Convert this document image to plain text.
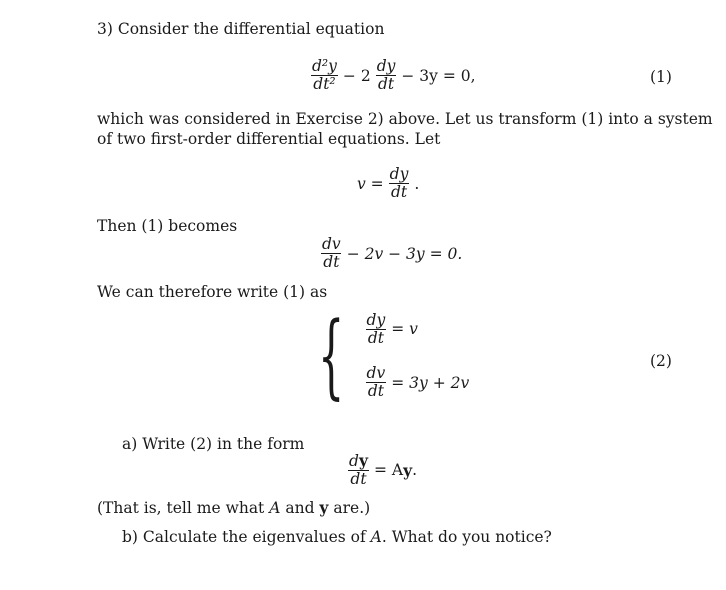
3) Consider the differential equation
$\frac{\text{d²y}}{\text{dt²}} - 2 \frac{dy}{dt} - 3y = 0$,	(1)
which was considered in Exercise 2) above. Let us transform (1) into a system
of two first-order differential equations. Let
$v = \frac{dy}{dt}$ .
Then (1) becomes
$\frac{dv}{dt} - 2v - 3y = 0$.
We can therefore write (1) as
{ $\frac{dy}{dt} = v$
$\frac{dv}{dt} = 3y + 2v$
(2)
a) Write (2) in the form
$\frac{dy}{dt} = A$ y .
(That is, tell me what A and y are.)
b) Calculate the eigenvalues of A. What do you notice?
